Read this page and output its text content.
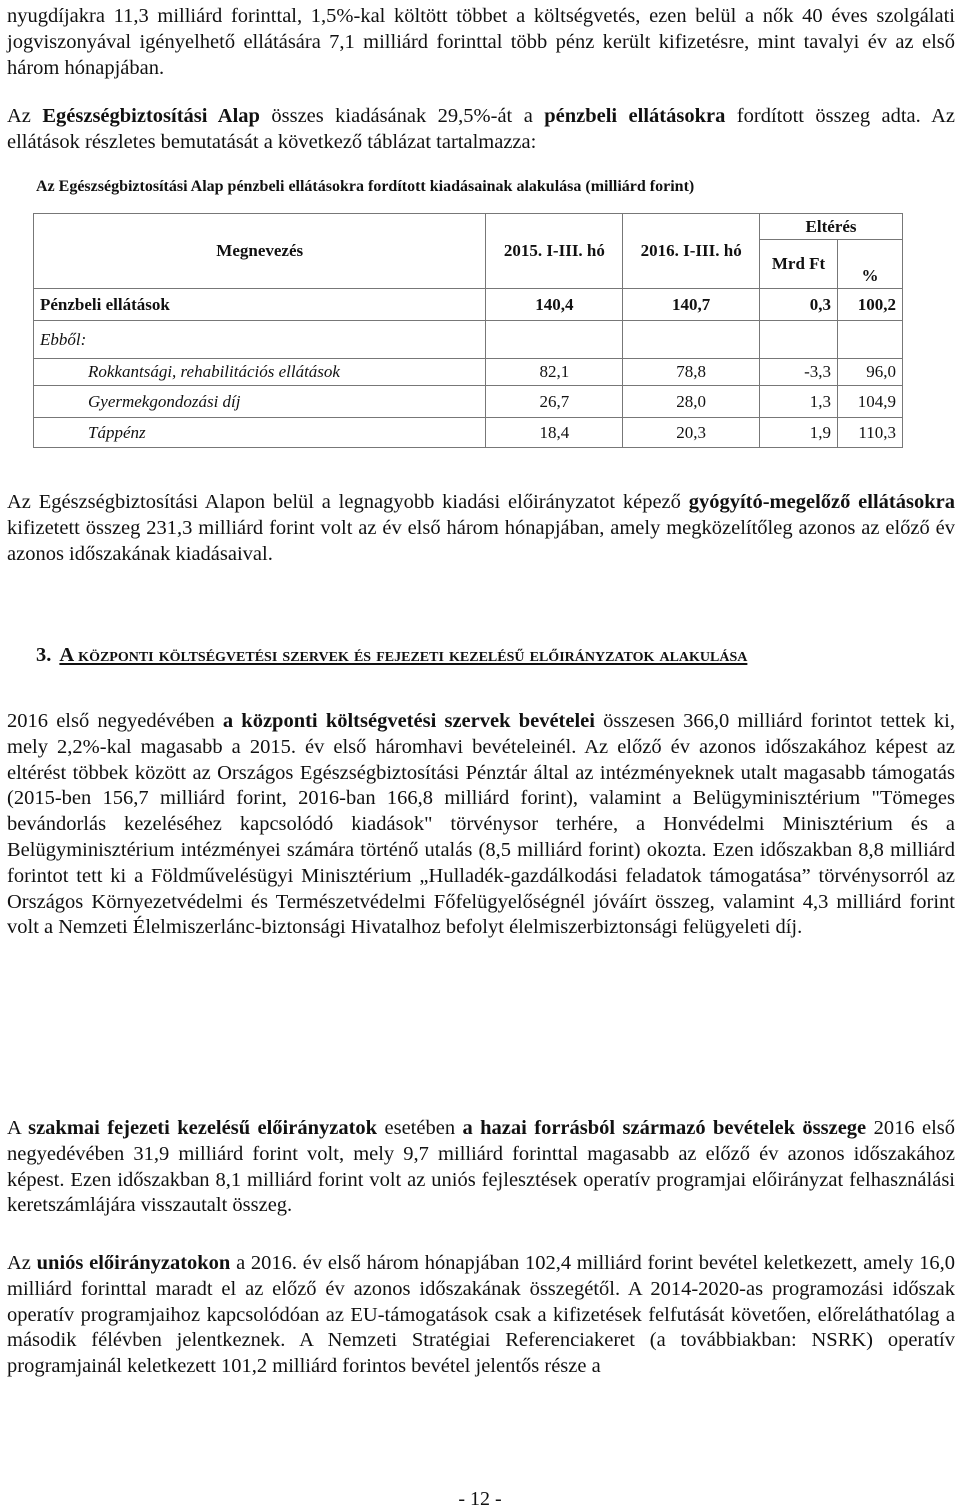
nyugdíjakra 11,3 milliárd forinttal, 1,5%-kal költött többet a költségvetés, ezen belül a nők 40 éves szolgálati jogviszonyával igényelhető ellátására 7,1 milliárd forinttal több pénz került kifizetésre, mint tavalyi év az első három hónapjában.

Az Egészségbiztosítási Alap összes kiadásának 29,5%-át a pénzbeli ellátásokra fordított összeg adta. Az ellátások részletes bemutatását a következő táblázat tartalmazza:

Az Egészségbiztosítási Alap pénzbeli ellátásokra fordított kiadásainak alakulása (milliárd forint)

Megnevezés	2015. I-III. hó	2016. I-III. hó	Eltérés	
			Mrd Ft	
				%
Pénzbeli ellátások	140,4	140,7	0,3	100,2
Ebből:				
Rokkantsági, rehabilitációs ellátások	82,1	78,8	-3,3	96,0
Gyermekgondozási díj	26,7	28,0	1,3	104,9
Táppénz	18,4	20,3	1,9	110,3

Az Egészségbiztosítási Alapon belül a legnagyobb kiadási előirányzatot képező gyógyító-megelőző ellátásokra kifizetett összeg 231,3 milliárd forint volt az év első három hónapjában, amely megközelítőleg azonos az előző év azonos időszakának kiadásaival.

3. A központi költségvetési szervek és fejezeti kezelésű előirányzatok alakulása

2016 első negyedévében a központi költségvetési szervek bevételei összesen 366,0 milliárd forintot tettek ki, mely 2,2%-kal magasabb a 2015. év első háromhavi bevételeinél. Az előző év azonos időszakához képest az eltérést többek között az Országos Egészségbiztosítási Pénztár által az intézményeknek utalt magasabb támogatás (2015-ben 156,7 milliárd forint, 2016-ban 166,8 milliárd forint), valamint a Belügyminisztérium "Tömeges bevándorlás kezeléséhez kapcsolódó kiadások" törvénysor terhére, a Honvédelmi Minisztérium és a Belügyminisztérium intézményei számára történő utalás (8,5 milliárd forint) okozta. Ezen időszakban 8,8 milliárd forintot tett ki a Földművelésügyi Minisztérium „Hulladék-gazdálkodási feladatok támogatása” törvénysorról az Országos Környezetvédelmi és Természetvédelmi Főfelügyelőségnél jóváírt összeg, valamint 4,3 milliárd forint volt a Nemzeti Élelmiszerlánc-biztonsági Hivatalhoz befolyt élelmiszerbiztonsági felügyeleti díj.

A szakmai fejezeti kezelésű előirányzatok esetében a hazai forrásból származó bevételek összege 2016 első negyedévében 31,9 milliárd forint volt, mely 9,7 milliárd forinttal magasabb az előző év azonos időszakához képest. Ezen időszakban 8,1 milliárd forint volt az uniós fejlesztések operatív programjai előirányzat felhasználási keretszámlájára visszautalt összeg.

Az uniós előirányzatokon a 2016. év első három hónapjában 102,4 milliárd forint bevétel keletkezett, amely 16,0 milliárd forinttal maradt el az előző év azonos időszakának összegétől. A 2014-2020-as programozási időszak operatív programjaihoz kapcsolódóan az EU-támogatások csak a kifizetések felfutását követően, előreláthatólag a második félévben jelentkeznek. A Nemzeti Stratégiai Referenciakeret (a továbbiakban: NSRK) operatív programjainál keletkezett 101,2 milliárd forintos bevétel jelentős része a

- 12 -
